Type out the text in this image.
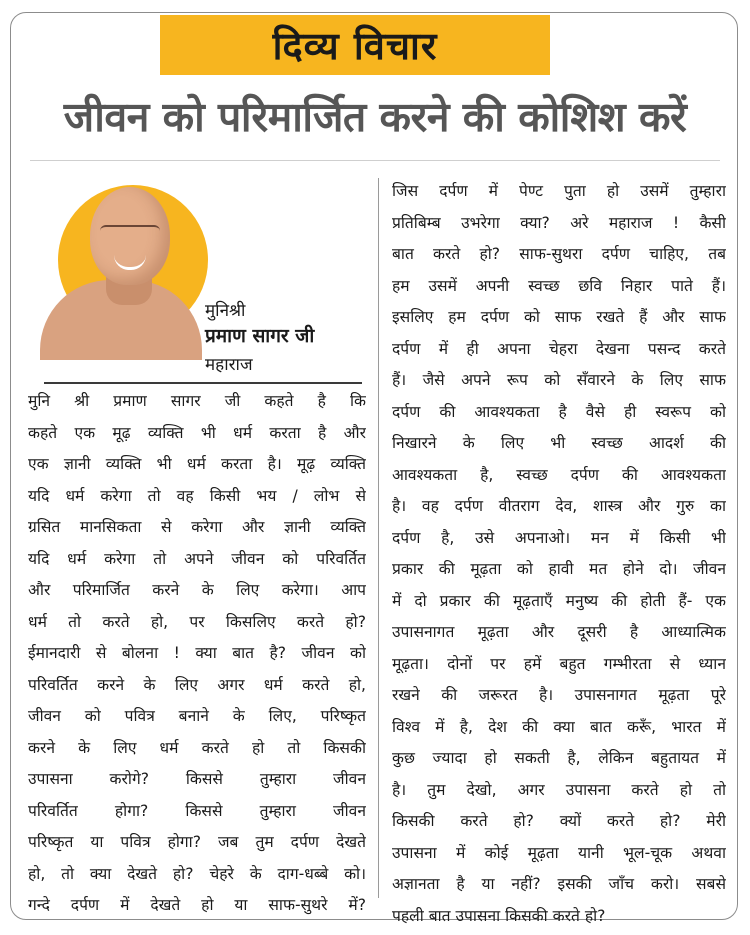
दिव्य विचार
जीवन को परिमार्जित करने की कोशिश करें
मुनिश्री
प्रमाण सागर जी
महाराज
मुनि श्री प्रमाण सागर जी कहते है कि
कहते एक मूढ़ व्यक्ति भी धर्म करता है और
एक ज्ञानी व्यक्ति भी धर्म करता है। मूढ़ व्यक्ति
यदि धर्म करेगा तो वह किसी भय / लोभ से
ग्रसित मानसिकता से करेगा और ज्ञानी व्यक्ति
यदि धर्म करेगा तो अपने जीवन को परिवर्तित
और परिमार्जित करने के लिए करेगा। आप
धर्म तो करते हो, पर किसलिए करते हो?
ईमानदारी से बोलना ! क्या बात है? जीवन को
परिवर्तित करने के लिए अगर धर्म करते हो,
जीवन को पवित्र बनाने के लिए, परिष्कृत
करने के लिए धर्म करते हो तो किसकी
उपासना करोगे? किससे तुम्हारा जीवन
परिवर्तित होगा? किससे तुम्हारा जीवन
परिष्कृत या पवित्र होगा? जब तुम दर्पण देखते
हो, तो क्या देखते हो? चेहरे के दाग-धब्बे को।
गन्दे दर्पण में देखते हो या साफ-सुथरे में?
जिस दर्पण में पेण्ट पुता हो उसमें तुम्हारा
प्रतिबिम्ब उभरेगा क्या? अरे महाराज ! कैसी
बात करते हो? साफ-सुथरा दर्पण चाहिए, तब
हम उसमें अपनी स्वच्छ छवि निहार पाते हैं।
इसलिए हम दर्पण को साफ रखते हैं और साफ
दर्पण में ही अपना चेहरा देखना पसन्द करते
हैं। जैसे अपने रूप को सँवारने के लिए साफ
दर्पण की आवश्यकता है वैसे ही स्वरूप को
निखारने के लिए भी स्वच्छ आदर्श की
आवश्यकता है, स्वच्छ दर्पण की आवश्यकता
है। वह दर्पण वीतराग देव, शास्त्र और गुरु का
दर्पण है, उसे अपनाओ। मन में किसी भी
प्रकार की मूढ़ता को हावी मत होने दो। जीवन
में दो प्रकार की मूढ़ताएँ मनुष्य की होती हैं- एक
उपासनागत मूढ़ता और दूसरी है आध्यात्मिक
मूढ़ता। दोनों पर हमें बहुत गम्भीरता से ध्यान
रखने की जरूरत है। उपासनागत मूढ़ता पूरे
विश्व में है, देश की क्या बात करूँ, भारत में
कुछ ज्यादा हो सकती है, लेकिन बहुतायत में
है। तुम देखो, अगर उपासना करते हो तो
किसकी करते हो? क्यों करते हो? मेरी
उपासना में कोई मूढ़ता यानी भूल-चूक अथवा
अज्ञानता है या नहीं? इसकी जाँच करो। सबसे
पहली बात उपासना किसकी करते हो?
